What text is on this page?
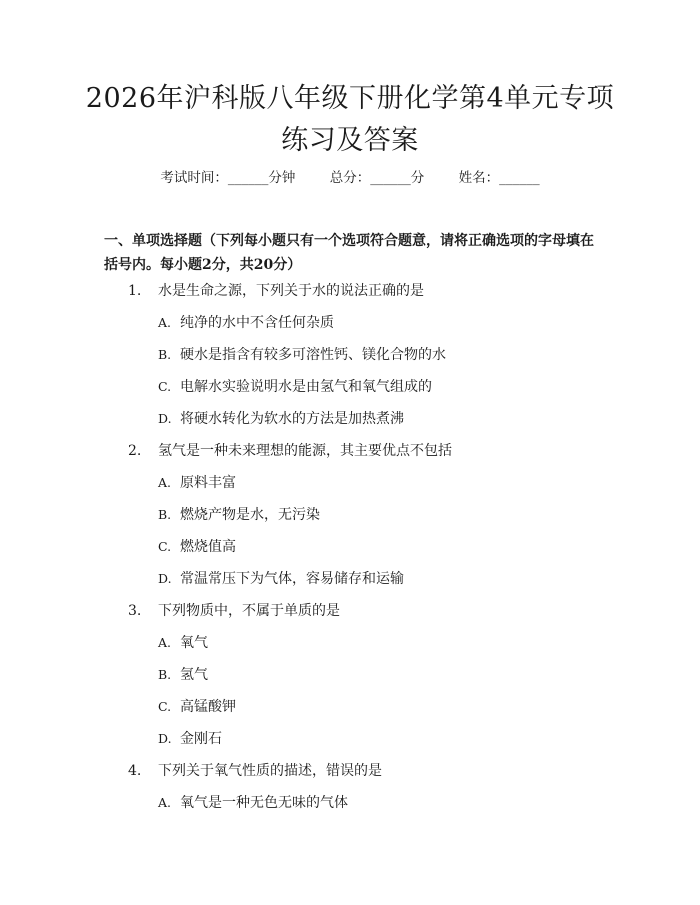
2026年沪科版八年级下册化学第4单元专项
练习及答案
考试时间：______分钟	总分：______分	姓名：______

一、单项选择题（下列每小题只有一个选项符合题意，请将正确选项的字母填在括号内。每小题2分，共20分）

1. 水是生命之源，下列关于水的说法正确的是
A. 纯净的水中不含任何杂质
B. 硬水是指含有较多可溶性钙、镁化合物的水
C. 电解水实验说明水是由氢气和氧气组成的
D. 将硬水转化为软水的方法是加热煮沸
2. 氢气是一种未来理想的能源，其主要优点不包括
A. 原料丰富
B. 燃烧产物是水，无污染
C. 燃烧值高
D. 常温常压下为气体，容易储存和运输
3. 下列物质中，不属于单质的是
A. 氧气
B. 氢气
C. 高锰酸钾
D. 金刚石
4. 下列关于氧气性质的描述，错误的是
A. 氧气是一种无色无味的气体
